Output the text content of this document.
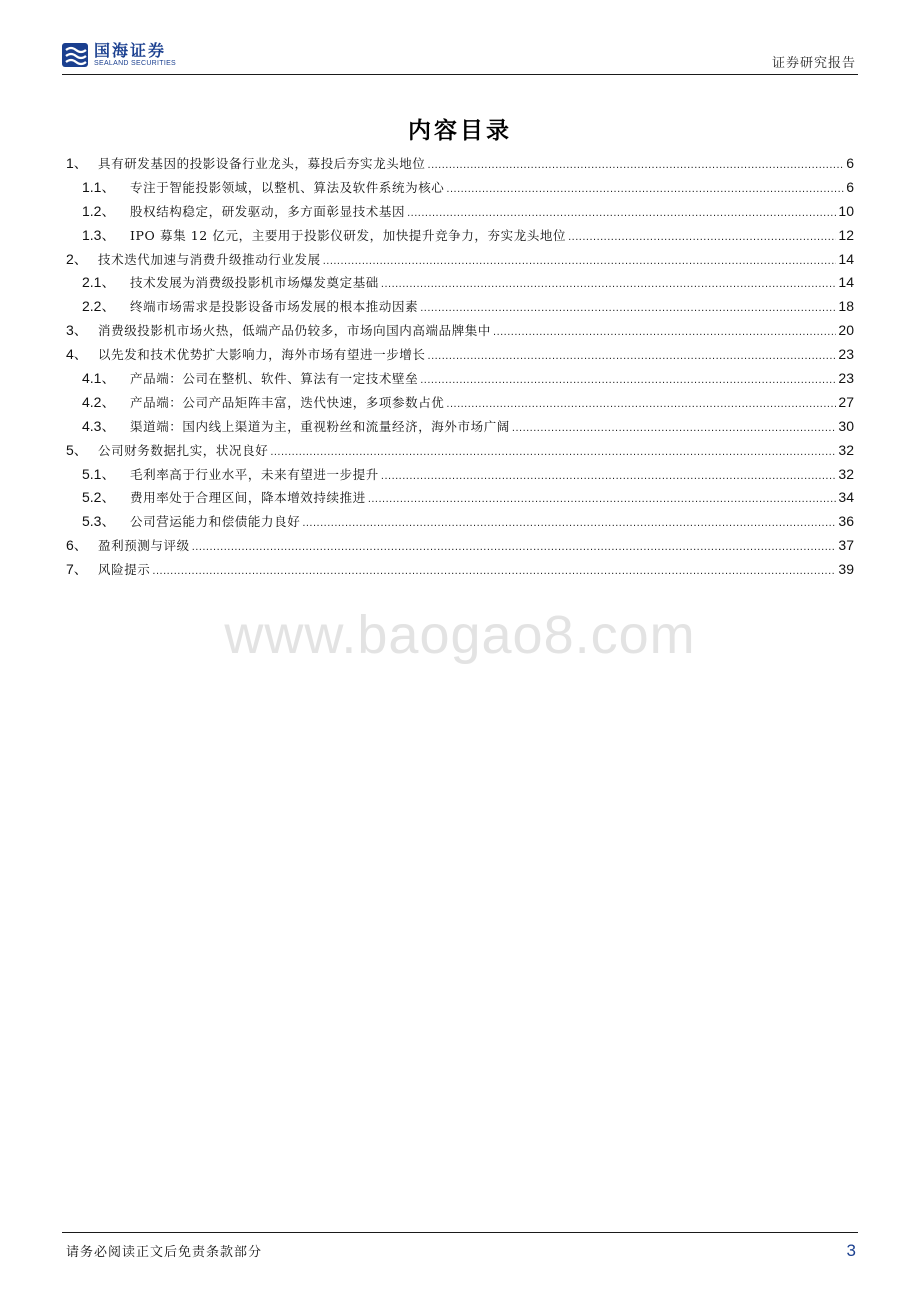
国海证券
SEALAND SECURITIES	证券研究报告
内容目录
1、 具有研发基因的投影设备行业龙头，募投后夯实龙头地位 .....	6
1.1、	专注于智能投影领域，以整机、算法及软件系统为核心 .....	6
1.2、	股权结构稳定，研发驱动，多方面彰显技术基因 .....	10
1.3、	IPO 募集 12 亿元，主要用于投影仪研发，加快提升竞争力，夯实龙头地位 .....	12
2、 技术迭代加速与消费升级推动行业发展 .....	14
2.1、	技术发展为消费级投影机市场爆发奠定基础 .....	14
2.2、	终端市场需求是投影设备市场发展的根本推动因素 .....	18
3、 消费级投影机市场火热，低端产品仍较多，市场向国内高端品牌集中 .....	20
4、 以先发和技术优势扩大影响力，海外市场有望进一步增长 .....	23
4.1、	产品端：公司在整机、软件、算法有一定技术壁垒 .....	23
4.2、	产品端：公司产品矩阵丰富，迭代快速，多项参数占优 .....	27
4.3、	渠道端：国内线上渠道为主，重视粉丝和流量经济，海外市场广阔 .....	30
5、 公司财务数据扎实，状况良好 .....	32
5.1、	毛利率高于行业水平，未来有望进一步提升 .....	32
5.2、	费用率处于合理区间，降本增效持续推进 .....	34
5.3、	公司营运能力和偿债能力良好 .....	36
6、 盈利预测与评级 .....	37
7、 风险提示 .....	39
www.baogao8.com
请务必阅读正文后免责条款部分	3
